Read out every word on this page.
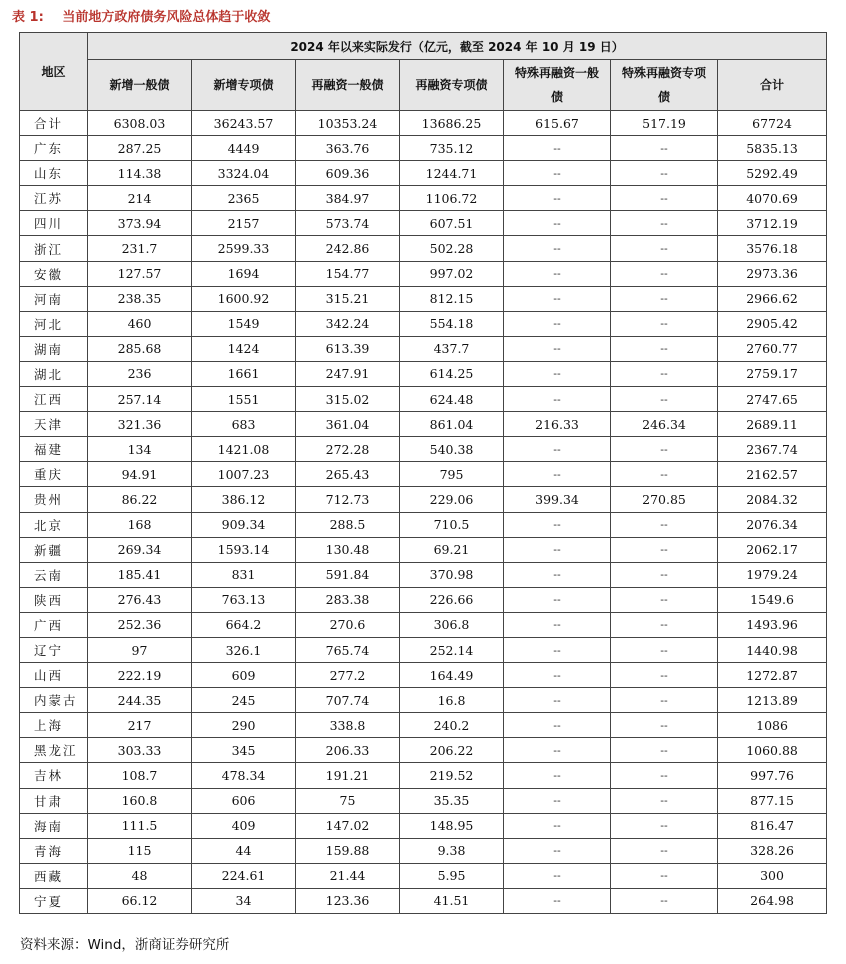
表 1: 当前地方政府债务风险总体趋于收敛
地区	2024 年以来实际发行（亿元，截至 2024 年 10 月 19 日）						
	新增一般债	新增专项债	再融资一般债	再融资专项债	特殊再融资一般债	特殊再融资专项债	合计
合计	6308.03	36243.57	10353.24	13686.25	615.67	517.19	67724
广东	287.25	4449	363.76	735.12	--	--	5835.13
山东	114.38	3324.04	609.36	1244.71	--	--	5292.49
江苏	214	2365	384.97	1106.72	--	--	4070.69
四川	373.94	2157	573.74	607.51	--	--	3712.19
浙江	231.7	2599.33	242.86	502.28	--	--	3576.18
安徽	127.57	1694	154.77	997.02	--	--	2973.36
河南	238.35	1600.92	315.21	812.15	--	--	2966.62
河北	460	1549	342.24	554.18	--	--	2905.42
湖南	285.68	1424	613.39	437.7	--	--	2760.77
湖北	236	1661	247.91	614.25	--	--	2759.17
江西	257.14	1551	315.02	624.48	--	--	2747.65
天津	321.36	683	361.04	861.04	216.33	246.34	2689.11
福建	134	1421.08	272.28	540.38	--	--	2367.74
重庆	94.91	1007.23	265.43	795	--	--	2162.57
贵州	86.22	386.12	712.73	229.06	399.34	270.85	2084.32
北京	168	909.34	288.5	710.5	--	--	2076.34
新疆	269.34	1593.14	130.48	69.21	--	--	2062.17
云南	185.41	831	591.84	370.98	--	--	1979.24
陕西	276.43	763.13	283.38	226.66	--	--	1549.6
广西	252.36	664.2	270.6	306.8	--	--	1493.96
辽宁	97	326.1	765.74	252.14	--	--	1440.98
山西	222.19	609	277.2	164.49	--	--	1272.87
内蒙古	244.35	245	707.74	16.8	--	--	1213.89
上海	217	290	338.8	240.2	--	--	1086
黑龙江	303.33	345	206.33	206.22	--	--	1060.88
吉林	108.7	478.34	191.21	219.52	--	--	997.76
甘肃	160.8	606	75	35.35	--	--	877.15
海南	111.5	409	147.02	148.95	--	--	816.47
青海	115	44	159.88	9.38	--	--	328.26
西藏	48	224.61	21.44	5.95	--	--	300
宁夏	66.12	34	123.36	41.51	--	--	264.98
资料来源：Wind，浙商证券研究所
